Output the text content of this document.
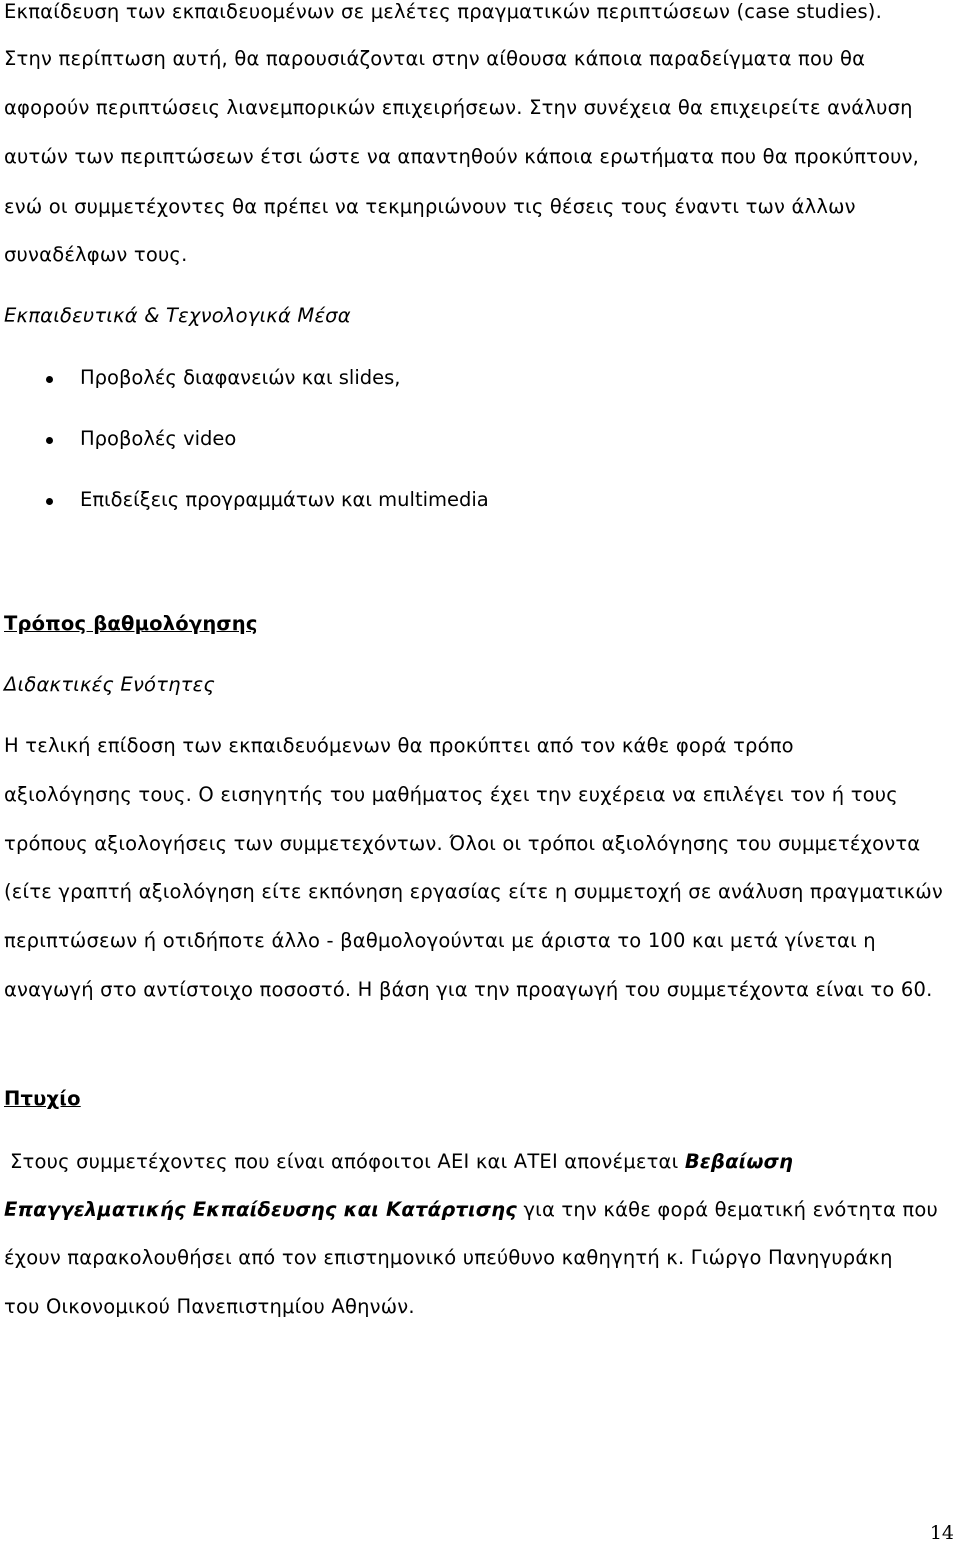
Εκπαίδευση των εκπαιδευομένων σε μελέτες πραγματικών περιπτώσεων (case studies).
Στην περίπτωση αυτή, θα παρουσιάζονται στην αίθουσα κάποια παραδείγματα που θα
αφορούν περιπτώσεις λιανεμπορικών επιχειρήσεων. Στην συνέχεια θα επιχειρείτε ανάλυση
αυτών των περιπτώσεων έτσι ώστε να απαντηθούν κάποια ερωτήματα που θα προκύπτουν,
ενώ οι συμμετέχοντες θα πρέπει να τεκμηριώνουν τις θέσεις τους έναντι των άλλων
συναδέλφων τους.
Εκπαιδευτικά & Τεχνολογικά Μέσα
Προβολές διαφανειών και slides,
Προβολές video
Επιδείξεις προγραμμάτων και multimedia
Τρόπος βαθμολόγησης
Διδακτικές Ενότητες
Η τελική επίδοση των εκπαιδευόμενων θα προκύπτει από τον κάθε φορά τρόπο
αξιολόγησης τους. Ο εισηγητής του μαθήματος έχει την ευχέρεια να επιλέγει τον ή τους
τρόπους αξιολογήσεις των συμμετεχόντων. Όλοι οι τρόποι αξιολόγησης του συμμετέχοντα
(είτε γραπτή αξιολόγηση είτε εκπόνηση εργασίας είτε η συμμετοχή σε ανάλυση πραγματικών
περιπτώσεων ή οτιδήποτε άλλο - βαθμολογούνται με άριστα το 100 και μετά γίνεται η
αναγωγή στο αντίστοιχο ποσοστό. Η βάση για την προαγωγή του συμμετέχοντα είναι το 60.
Πτυχίο
Στους συμμετέχοντες που είναι απόφοιτοι ΑΕΙ και ΑΤΕΙ απονέμεται Βεβαίωση
Επαγγελματικής Εκπαίδευσης και Κατάρτισης για την κάθε φορά θεματική ενότητα που
έχουν παρακολουθήσει από τον επιστημονικό υπεύθυνο καθηγητή κ. Γιώργο Πανηγυράκη
του Οικονομικού Πανεπιστημίου Αθηνών.
14
